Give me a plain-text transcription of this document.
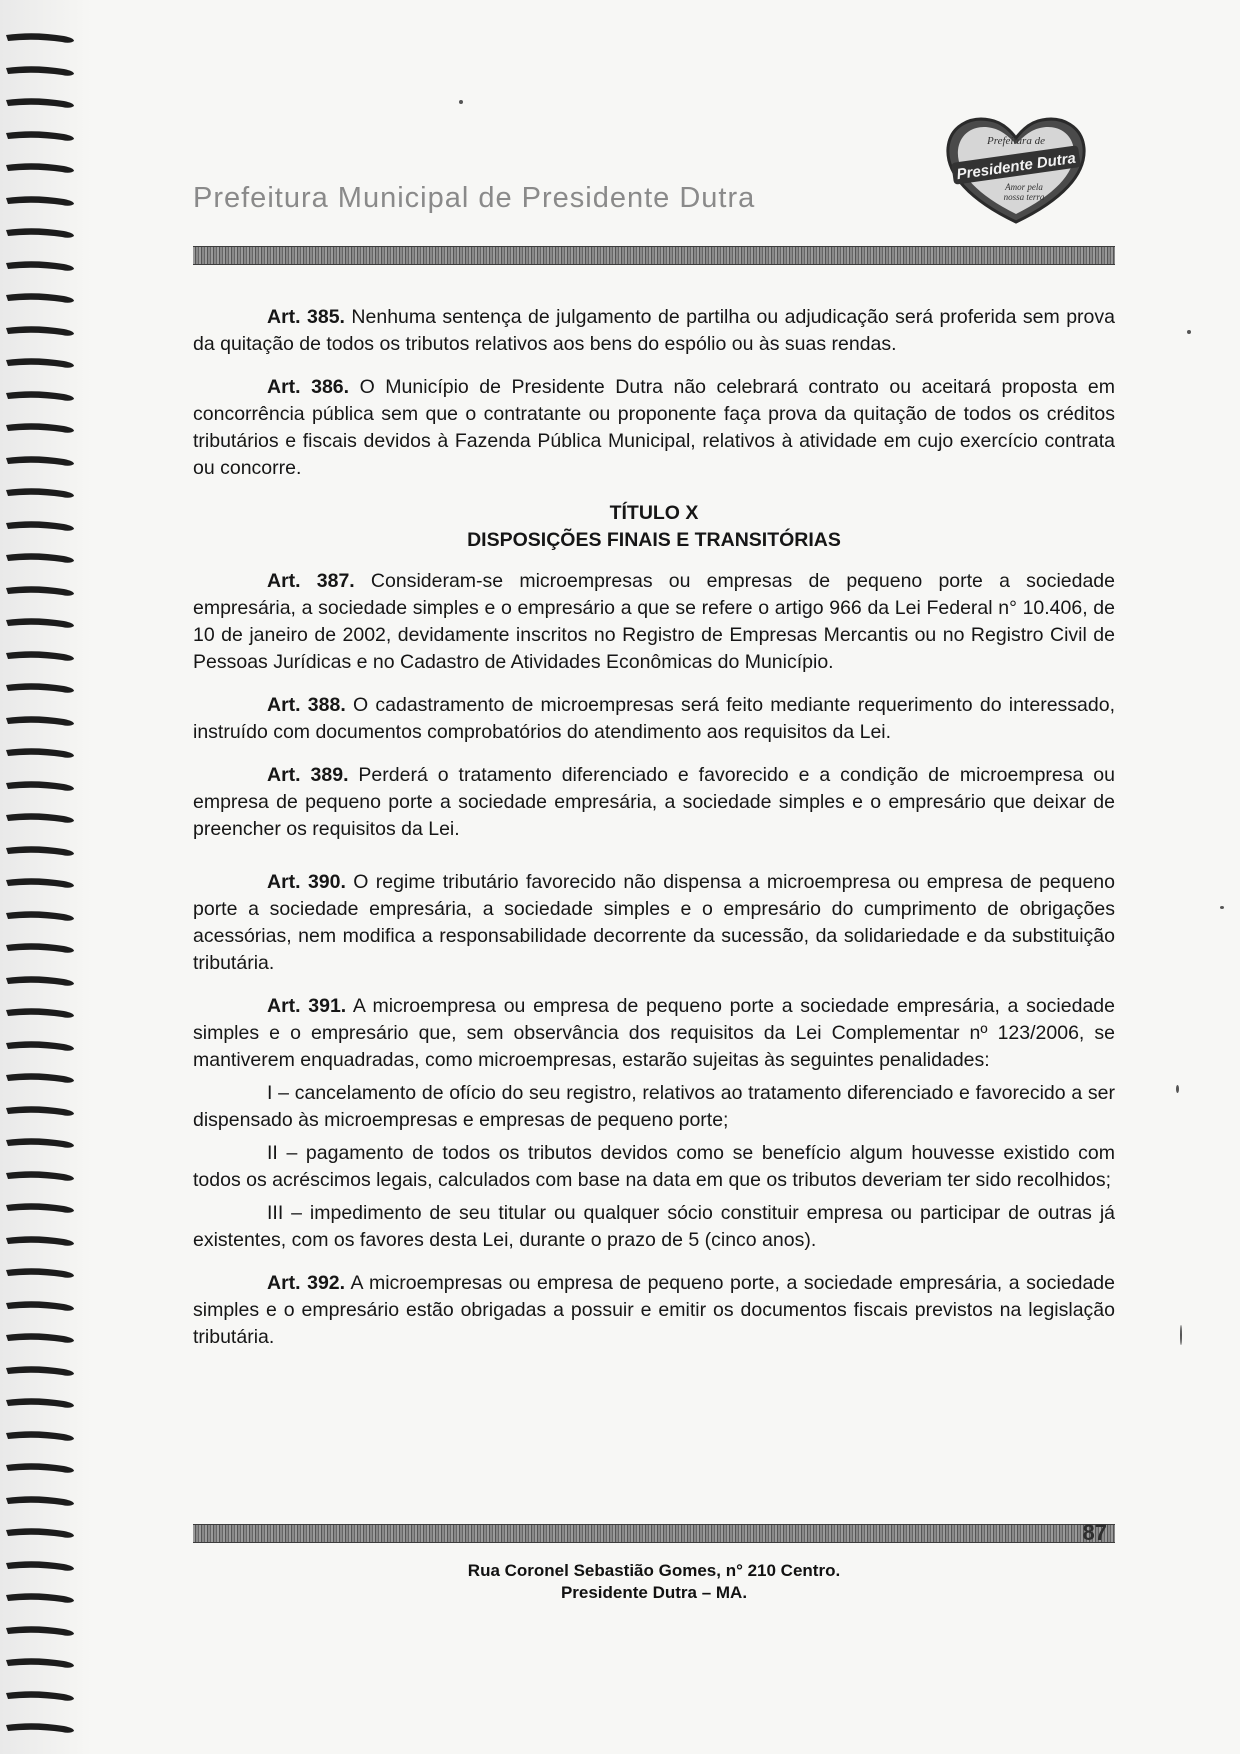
Prefeitura Municipal de Presidente Dutra
Prefeitura de
Presidente Dutra
Amor pela
nossa terra

Art. 385. Nenhuma sentença de julgamento de partilha ou adjudicação será proferida sem prova da quitação de todos os tributos relativos aos bens do espólio ou às suas rendas.

Art. 386. O Município de Presidente Dutra não celebrará contrato ou aceitará proposta em concorrência pública sem que o contratante ou proponente faça prova da quitação de todos os créditos tributários e fiscais devidos à Fazenda Pública Municipal, relativos à atividade em cujo exercício contrata ou concorre.

TÍTULO X
DISPOSIÇÕES FINAIS E TRANSITÓRIAS

Art. 387. Consideram-se microempresas ou empresas de pequeno porte a sociedade empresária, a sociedade simples e o empresário a que se refere o artigo 966 da Lei Federal n° 10.406, de 10 de janeiro de 2002, devidamente inscritos no Registro de Empresas Mercantis ou no Registro Civil de Pessoas Jurídicas e no Cadastro de Atividades Econômicas do Município.

Art. 388. O cadastramento de microempresas será feito mediante requerimento do interessado, instruído com documentos comprobatórios do atendimento aos requisitos da Lei.

Art. 389. Perderá o tratamento diferenciado e favorecido e a condição de microempresa ou empresa de pequeno porte a sociedade empresária, a sociedade simples e o empresário que deixar de preencher os requisitos da Lei.

Art. 390. O regime tributário favorecido não dispensa a microempresa ou empresa de pequeno porte a sociedade empresária, a sociedade simples e o empresário do cumprimento de obrigações acessórias, nem modifica a responsabilidade decorrente da sucessão, da solidariedade e da substituição tributária.

Art. 391. A microempresa ou empresa de pequeno porte a sociedade empresária, a sociedade simples e o empresário que, sem observância dos requisitos da Lei Complementar nº 123/2006, se mantiverem enquadradas, como microempresas, estarão sujeitas às seguintes penalidades:

I – cancelamento de ofício do seu registro, relativos ao tratamento diferenciado e favorecido a ser dispensado às microempresas e empresas de pequeno porte;

II – pagamento de todos os tributos devidos como se benefício algum houvesse existido com todos os acréscimos legais, calculados com base na data em que os tributos deveriam ter sido recolhidos;

III – impedimento de seu titular ou qualquer sócio constituir empresa ou participar de outras já existentes, com os favores desta Lei, durante o prazo de 5 (cinco anos).

Art. 392. A microempresas ou empresa de pequeno porte, a sociedade empresária, a sociedade simples e o empresário estão obrigadas a possuir e emitir os documentos fiscais previstos na legislação tributária.

87
Rua Coronel Sebastião Gomes, n° 210 Centro.
Presidente Dutra – MA.
